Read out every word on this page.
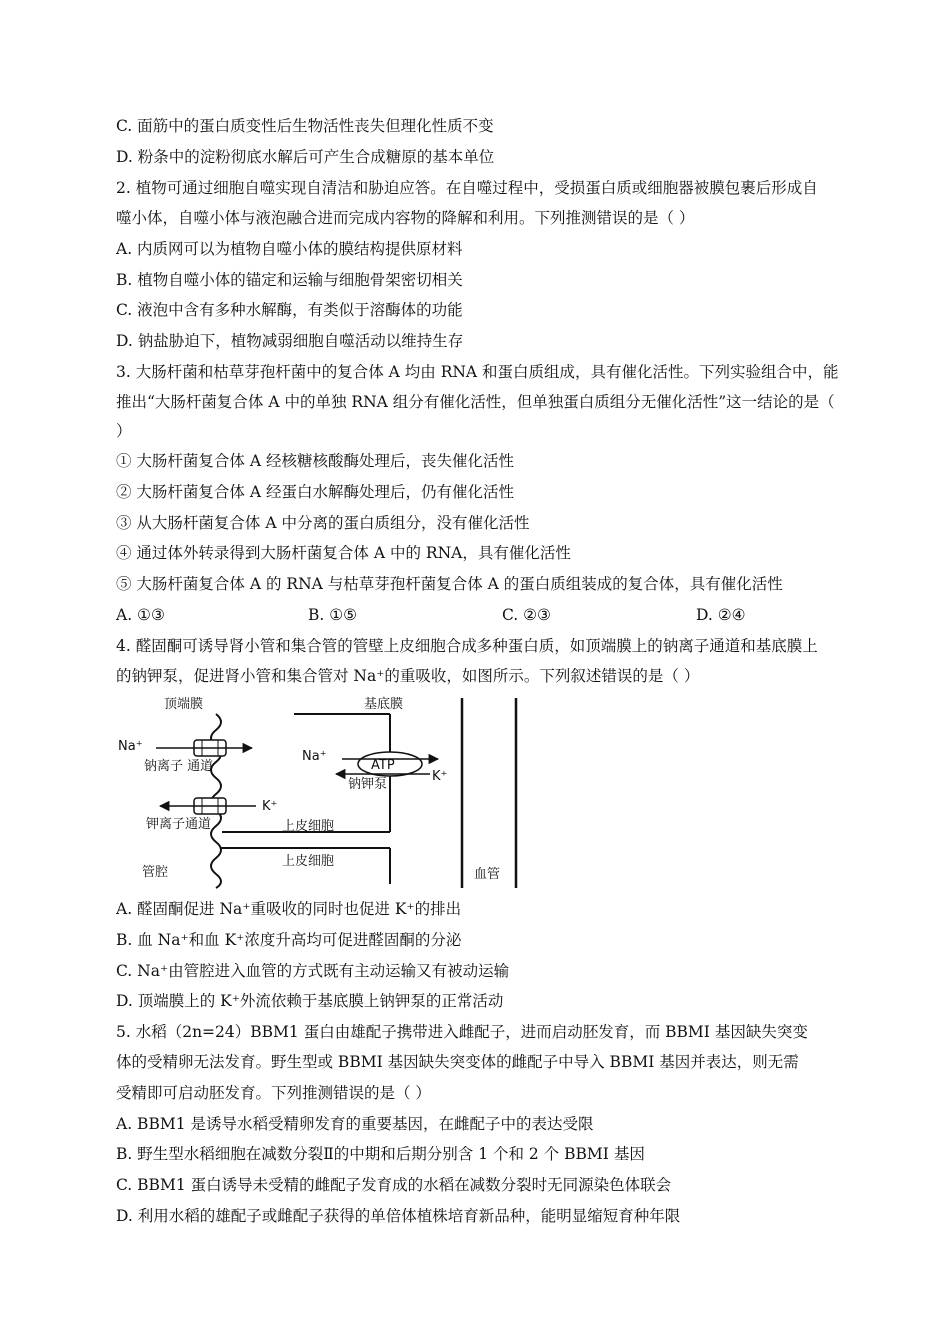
C. 面筋中的蛋白质变性后生物活性丧失但理化性质不变
D. 粉条中的淀粉彻底水解后可产生合成糖原的基本单位
2. 植物可通过细胞自噬实现自清洁和胁迫应答。在自噬过程中，受损蛋白质或细胞器被膜包裹后形成自
噬小体，自噬小体与液泡融合进而完成内容物的降解和利用。下列推测错误的是（ ）
A. 内质网可以为植物自噬小体的膜结构提供原材料
B. 植物自噬小体的锚定和运输与细胞骨架密切相关
C. 液泡中含有多种水解酶，有类似于溶酶体的功能
D. 钠盐胁迫下，植物减弱细胞自噬活动以维持生存
3. 大肠杆菌和枯草芽孢杆菌中的复合体 A 均由 RNA 和蛋白质组成，具有催化活性。下列实验组合中，能
推出“大肠杆菌复合体 A 中的单独 RNA 组分有催化活性，但单独蛋白质组分无催化活性”这一结论的是（
）
① 大肠杆菌复合体 A 经核糖核酸酶处理后，丧失催化活性
② 大肠杆菌复合体 A 经蛋白水解酶处理后，仍有催化活性
③ 从大肠杆菌复合体 A 中分离的蛋白质组分，没有催化活性
④ 通过体外转录得到大肠杆菌复合体 A 中的 RNA，具有催化活性
⑤ 大肠杆菌复合体 A 的 RNA 与枯草芽孢杆菌复合体 A 的蛋白质组装成的复合体，具有催化活性
A. ①③	B. ①⑤	C. ②③	D. ②④
4. 醛固酮可诱导肾小管和集合管的管壁上皮细胞合成多种蛋白质，如顶端膜上的钠离子通道和基底膜上
的钠钾泵，促进肾小管和集合管对 Na⁺的重吸收，如图所示。下列叙述错误的是（ ）
顶端膜	基底膜
Na⁺
钠离子 通道
K⁺
钾离子通道	上皮细胞
上皮细胞
ATP
Na⁺
K⁺
钠钾泵
血管
管腔
A. 醛固酮促进 Na⁺重吸收的同时也促进 K⁺的排出
B. 血 Na⁺和血 K⁺浓度升高均可促进醛固酮的分泌
C. Na⁺由管腔进入血管的方式既有主动运输又有被动运输
D. 顶端膜上的 K⁺外流依赖于基底膜上钠钾泵的正常活动
5. 水稻（2n=24）BBM1 蛋白由雄配子携带进入雌配子，进而启动胚发育，而 BBMI 基因缺失突变
体的受精卵无法发育。野生型或 BBMI 基因缺失突变体的雌配子中导入 BBMI 基因并表达，则无需
受精即可启动胚发育。下列推测错误的是（ ）
A. BBM1 是诱导水稻受精卵发育的重要基因，在雌配子中的表达受限
B. 野生型水稻细胞在减数分裂Ⅱ的中期和后期分别含 1 个和 2 个 BBMI 基因
C. BBM1 蛋白诱导未受精的雌配子发育成的水稻在减数分裂时无同源染色体联会
D. 利用水稻的雄配子或雌配子获得的单倍体植株培育新品种，能明显缩短育种年限
